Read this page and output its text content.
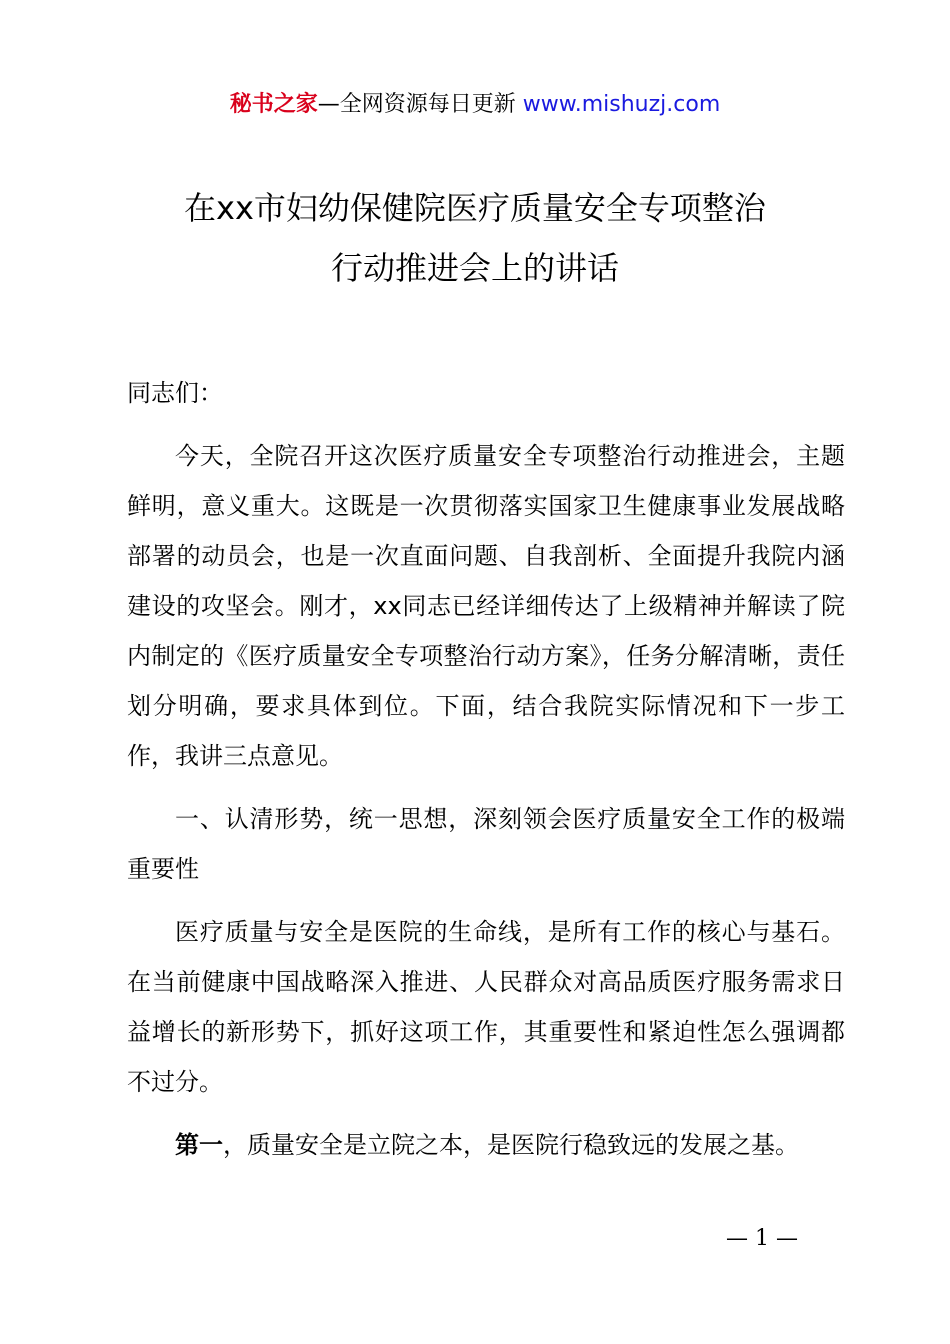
秘书之家—全网资源每日更新 www.mishuzj.com
在xx市妇幼保健院医疗质量安全专项整治
行动推进会上的讲话

同志们：

今天，全院召开这次医疗质量安全专项整治行动推进会，主题鲜明，意义重大。这既是一次贯彻落实国家卫生健康事业发展战略部署的动员会，也是一次直面问题、自我剖析、全面提升我院内涵建设的攻坚会。刚才，xx同志已经详细传达了上级精神并解读了院内制定的《医疗质量安全专项整治行动方案》，任务分解清晰，责任划分明确，要求具体到位。下面，结合我院实际情况和下一步工作，我讲三点意见。

一、认清形势，统一思想，深刻领会医疗质量安全工作的极端重要性

医疗质量与安全是医院的生命线，是所有工作的核心与基石。在当前健康中国战略深入推进、人民群众对高品质医疗服务需求日益增长的新形势下，抓好这项工作，其重要性和紧迫性怎么强调都不过分。

第一，质量安全是立院之本，是医院行稳致远的发展之基。

— 1 —
